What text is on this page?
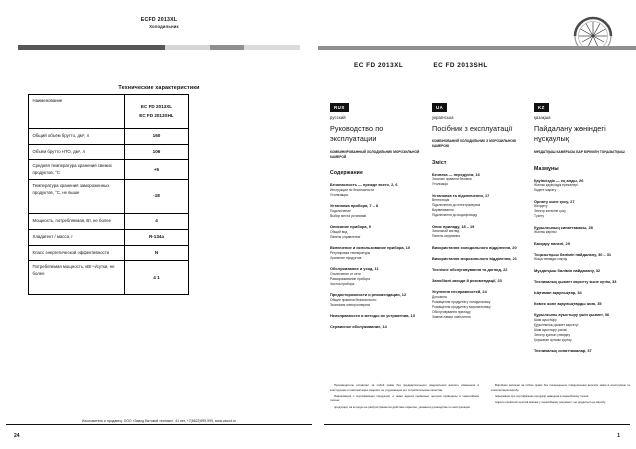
ECFD 2013XL
Холодильник
Технические характеристики
Наименование	ЕС FD 2013XL
ЕС FD 2013SHL

Общий объём брутто, дм³, л	160

Объём брутто НТО, дм³, л	106

Средняя температура хранения свежих продуктов, °С	+5

Температура хранения замороженных продуктов, °С, не выше	-18

Мощность, потребляемая, Вт, не более	4

Хладагент / масса, г	R-134a

Класс энергетической эффективности	N

Потребляемая мощность, кВт·ч/сутки, не более	4 1
Изготовитель и продавец: ООО «Завод бытовой техники», 41 лет, +7(8622)999-999, www.zavod.ru
24
EC FD 2013XL	EC FD 2013SHL
RUS
русский
Руководство по эксплуатации
КОМБИНИРОВАННЫЙ ХОЛОДИЛЬНИК МОРОЗИЛЬНОЙ КАМЕРОЙ
Содержание
Безопасность — прежде всего, 2, 6
Инструкции по безопасности
Утилизация
Установка прибора, 7 – 8
Подключение
Выбор места установки
Описание прибора, 9
Общий вид
Панель управления
Включение и использование прибора, 10
Регулировка температуры
Хранение продуктов
Обслуживание и уход, 11
Отключение от сети
Размораживание прибора
Чистка прибора
Предосторожности и рекомендации, 12
Общие правила безопасности
Экономия электроэнергии
Неисправности и методы их устранения, 13
Сервисное обслуживание, 14
UA
українська
Посібник з експлуатації
КОМБІНОВАНИЙ ХОЛОДИЛЬНИК З МОРОЗИЛЬНОЮ КАМЕРОЮ
Зміст
Безпека — передусім, 16
Загальні правила безпеки
Утилізація
Установка та підключення, 17
Вентиляція
Підключення до електромережі
Вирівнювання
Підключення до водопроводу
Опис приладу, 18 – 19
Загальний вигляд
Панель керування
Використання холодильного відділення, 20
Використання морозильного відділення, 21
Технічне обслуговування та догляд, 22
Запобіжні заходи й рекомендації, 23
Усунення несправностей, 24
Допомога
Розміщення продуктів у холодильнику
Розміщення продуктів у морозильнику
Обслуговування приладу
Заміна лампи освітлення
KZ
қазақша
Пайдалану жөніндегі нұсқаулық
МҰЗДАТҚЫШ КАМЕРАСЫ БАР БІРІККЕН ТОҢАЗЫТҚЫШ
Мазмұны
Қауіпсіздік — ең алды, 26
Жалпы қауіпсіздік ережелері
Кәдеге жарату
Орнату және қосу, 27
Желдету
Электр желісіне қосу
Түзету
Құрылғының сипаттамасы, 28
Жалпы көрінісі
Басқару панелі, 29
Тоңазытқыш бөлімін пайдалану, 30 – 31
Жаңа тағамды сақтау
Мұздатқыш бөлімін пайдалану, 32
Техникалық қызмет көрсету және күтім, 33
Ықтимал ақаулықтар, 34
Көмек және ақаулықтарды жою, 35
Құрылғыны ауыстыру үшін қызмет, 36
Шам ауыстыру
Құрылғының қызмет көрсетуі
Шам ауыстыру рәсімі
Электр қуатын үнемдеу
Қоршаған ортаны қорғау
Техникалық сипаттамалар, 37

Производитель оставляет за собой право без предварительного уведомления вносить изменения в конструкцию и комплектацию изделия, не ухудшающие его потребительские качества.

Информация о сертификации продукции, а также адреса сервисных центров приведены в гарантийном талоне;

продукция, на которую не распространяется действие гарантии, указана в руководстве по эксплуатации.

Виробник залишає за собою право без попереднього повідомлення вносити зміни в конструкцію та комплектацію виробу.

Інформація про сертифікацію продукції наведена в гарантійному талоні.

Адреси сервісних центрів вказані у гарантійному документі, що додається до виробу.

1
